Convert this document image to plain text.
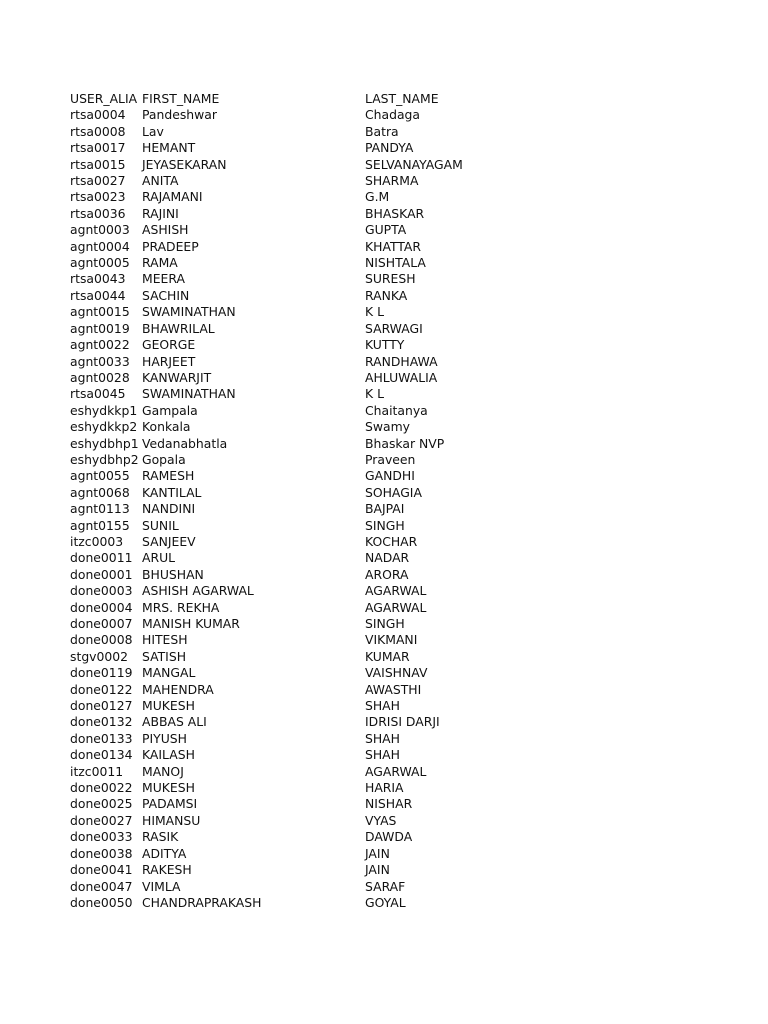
USER_ALIA FIRST_NAME	LAST_NAME
rtsa0004	Pandeshwar	Chadaga
rtsa0008	Lav	Batra
rtsa0017	HEMANT	PANDYA
rtsa0015	JEYASEKARAN	SELVANAYAGAM
rtsa0027	ANITA	SHARMA
rtsa0023	RAJAMANI	G.M
rtsa0036	RAJINI	BHASKAR
agnt0003 ASHISH	GUPTA
agnt0004 PRADEEP	KHATTAR
agnt0005 RAMA	NISHTALA
rtsa0043	MEERA	SURESH
rtsa0044	SACHIN	RANKA
agnt0015 SWAMINATHAN	K L
agnt0019 BHAWRILAL	SARWAGI
agnt0022 GEORGE	KUTTY
agnt0033 HARJEET	RANDHAWA
agnt0028 KANWARJIT	AHLUWALIA
rtsa0045	SWAMINATHAN	K L
eshydkkp1 Gampala	Chaitanya
eshydkkp2 Konkala	Swamy
eshydbhp1 Vedanabhatla	Bhaskar NVP
eshydbhp2 Gopala	Praveen
agnt0055 RAMESH	GANDHI
agnt0068 KANTILAL	SOHAGIA
agnt0113 NANDINI	BAJPAI
agnt0155 SUNIL	SINGH
itzc0003	SANJEEV	KOCHAR
done0011 ARUL	NADAR
done0001 BHUSHAN	ARORA
done0003 ASHISH AGARWAL	AGARWAL
done0004 MRS. REKHA	AGARWAL
done0007 MANISH KUMAR	SINGH
done0008 HITESH	VIKMANI
stgv0002	SATISH	KUMAR
done0119 MANGAL	VAISHNAV
done0122 MAHENDRA	AWASTHI
done0127 MUKESH	SHAH
done0132 ABBAS ALI	IDRISI DARJI
done0133 PIYUSH	SHAH
done0134 KAILASH	SHAH
itzc0011	MANOJ	AGARWAL
done0022 MUKESH	HARIA
done0025 PADAMSI	NISHAR
done0027 HIMANSU	VYAS
done0033 RASIK	DAWDA
done0038 ADITYA	JAIN
done0041 RAKESH	JAIN
done0047 VIMLA	SARAF
done0050 CHANDRAPRAKASH	GOYAL
